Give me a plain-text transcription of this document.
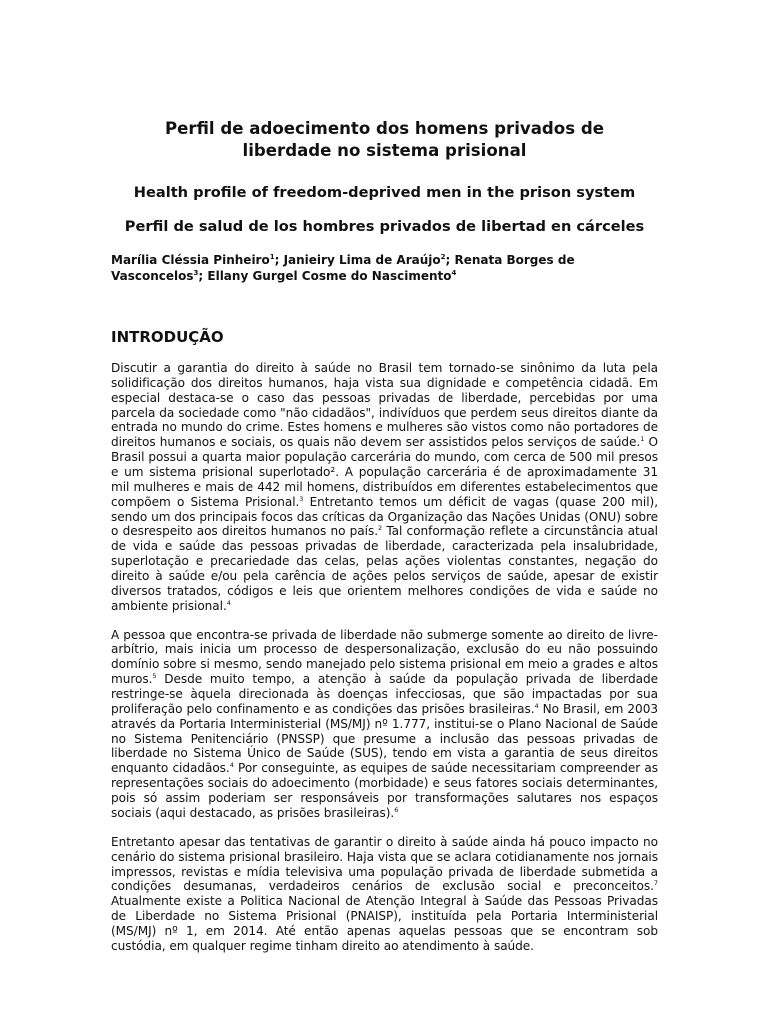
Perfil de adoecimento dos homens privados de
liberdade no sistema prisional

Health profile of freedom-deprived men in the prison system

Perfil de salud de los hombres privados de libertad en cárceles

Marília Cléssia Pinheiro$^1$; Janieiry Lima de Araújo$^2$; Renata Borges de
Vasconcelos$^3$; Ellany Gurgel Cosme do Nascimento$^4$

INTRODUÇÃO

Discutir a garantia do direito à saúde no Brasil tem tornado-se sinônimo da luta pela solidificação dos direitos humanos, haja vista sua dignidade e competência cidadã. Em especial destaca-se o caso das pessoas privadas de liberdade, percebidas por uma parcela da sociedade como "não cidadãos", indivíduos que perdem seus direitos diante da entrada no mundo do crime. Estes homens e mulheres são vistos como não portadores de direitos humanos e sociais, os quais não devem ser assistidos pelos serviços de saúde.$^1$ O Brasil possui a quarta maior população carcerária do mundo, com cerca de 500 mil presos e um sistema prisional superlotado². A população carcerária é de aproximadamente 31 mil mulheres e mais de 442 mil homens, distribuídos em diferentes estabelecimentos que compõem o Sistema Prisional.$^3$ Entretanto temos um déficit de vagas (quase 200 mil), sendo um dos principais focos das críticas da Organização das Nações Unidas (ONU) sobre o desrespeito aos direitos humanos no país.$^2$ Tal conformação reflete a circunstância atual de vida e saúde das pessoas privadas de liberdade, caracterizada pela insalubridade, superlotação e precariedade das celas, pelas ações violentas constantes, negação do direito à saúde e/ou pela carência de ações pelos serviços de saúde, apesar de existir diversos tratados, códigos e leis que orientem melhores condições de vida e saúde no ambiente prisional.$^4$

A pessoa que encontra-se privada de liberdade não submerge somente ao direito de livre-arbítrio, mais inicia um processo de despersonalização, exclusão do eu não possuindo domínio sobre si mesmo, sendo manejado pelo sistema prisional em meio a grades e altos muros.$^5$ Desde muito tempo, a atenção à saúde da população privada de liberdade restringe-se àquela direcionada às doenças infecciosas, que são impactadas por sua proliferação pelo confinamento e as condições das prisões brasileiras.$^4$ No Brasil, em 2003 através da Portaria Interministerial (MS/MJ) nº 1.777, institui-se o Plano Nacional de Saúde no Sistema Penitenciário (PNSSP) que presume a inclusão das pessoas privadas de liberdade no Sistema Único de Saúde (SUS), tendo em vista a garantia de seus direitos enquanto cidadãos.$^4$ Por conseguinte, as equipes de saúde necessitariam compreender as representações sociais do adoecimento (morbidade) e seus fatores sociais determinantes, pois só assim poderiam ser responsáveis por transformações salutares nos espaços sociais (aqui destacado, as prisões brasileiras).$^6$

Entretanto apesar das tentativas de garantir o direito à saúde ainda há pouco impacto no cenário do sistema prisional brasileiro. Haja vista que se aclara cotidianamente nos jornais impressos, revistas e mídia televisiva uma população privada de liberdade submetida a condições desumanas, verdadeiros cenários de exclusão social e preconceitos.$^7$ Atualmente existe a Politica Nacional de Atenção Integral à Saúde das Pessoas Privadas de Liberdade no Sistema Prisional (PNAISP), instituída pela Portaria Interministerial (MS/MJ) nº 1, em 2014. Até então apenas aquelas pessoas que se encontram sob custódia, em qualquer regime tinham direito ao atendimento à saúde.
